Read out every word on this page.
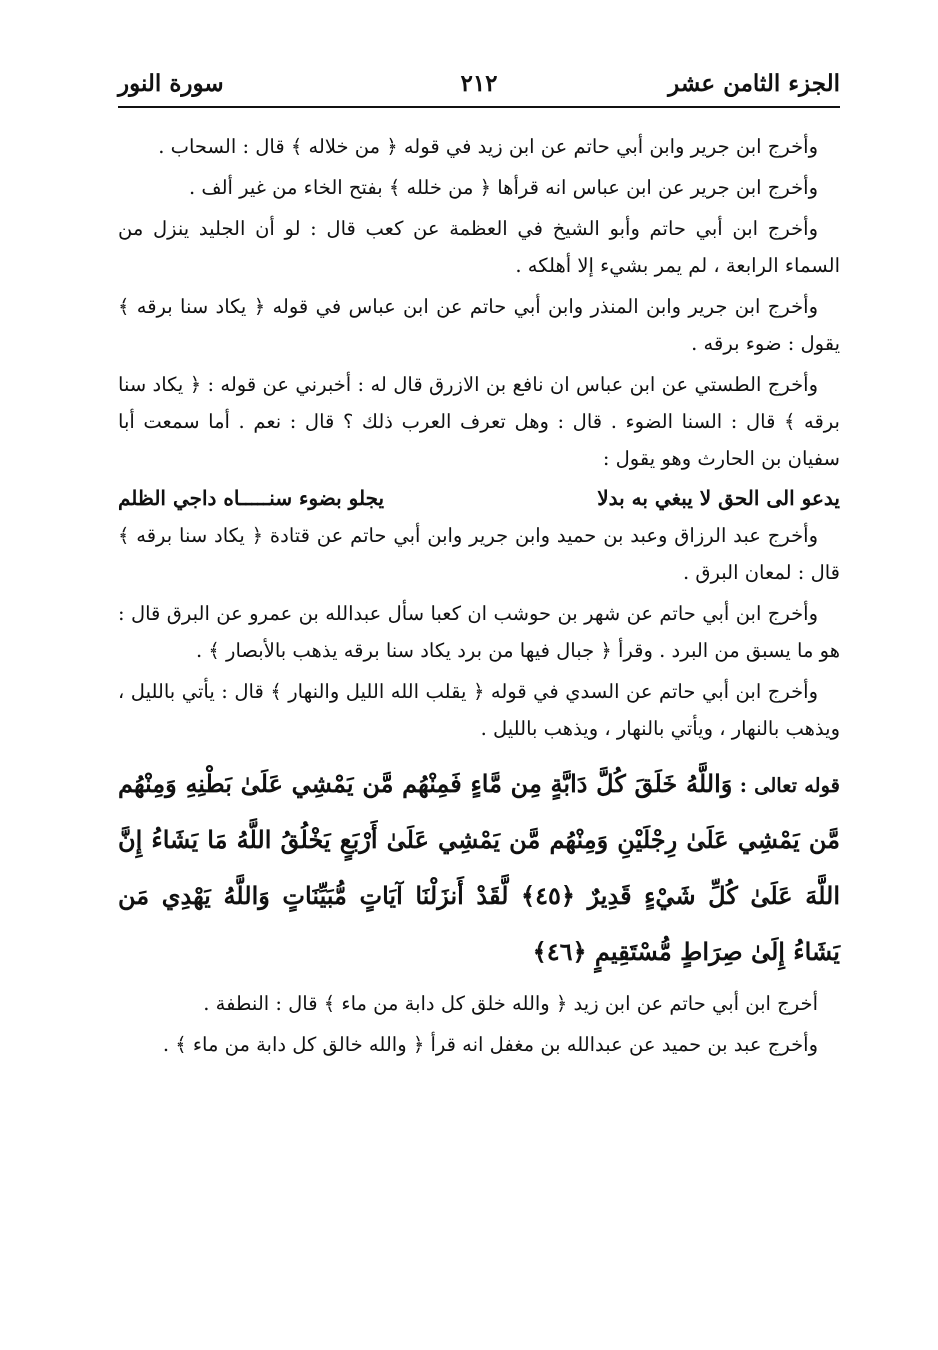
الجزء الثامن عشر
٢١٢
سورة النور

وأخرج ابن جرير وابن أبي حاتم عن ابن زيد في قوله ﴿ من خلاله ﴾ قال : السحاب .

وأخرج ابن جرير عن ابن عباس انه قرأها ﴿ من خلله ﴾ بفتح الخاء من غير ألف .

وأخرج ابن أبي حاتم وأبو الشيخ في العظمة عن كعب قال : لو أن الجليد ينزل من السماء الرابعة ، لم يمر بشيء إلا أهلكه .

وأخرج ابن جرير وابن المنذر وابن أبي حاتم عن ابن عباس في قوله ﴿ يكاد سنا برقه ﴾ يقول : ضوء برقه .

وأخرج الطستي عن ابن عباس ان نافع بن الازرق قال له : أخبرني عن قوله : ﴿ يكاد سنا برقه ﴾ قال : السنا الضوء . قال : وهل تعرف العرب ذلك ؟ قال : نعم . أما سمعت أبا سفيان بن الحارث وهو يقول :

يدعو الى الحق لا يبغي به بدلا
يجلو بضوء سنـــــاه داجي الظلم

وأخرج عبد الرزاق وعبد بن حميد وابن جرير وابن أبي حاتم عن قتادة ﴿ يكاد سنا برقه ﴾ قال : لمعان البرق .

وأخرج ابن أبي حاتم عن شهر بن حوشب ان كعبا سأل عبدالله بن عمرو عن البرق قال : هو ما يسبق من البرد . وقرأ ﴿ جبال فيها من برد يكاد سنا برقه يذهب بالأبصار ﴾ .

وأخرج ابن أبي حاتم عن السدي في قوله ﴿ يقلب الله الليل والنهار ﴾ قال : يأتي بالليل ، ويذهب بالنهار ، ويأتي بالنهار ، ويذهب بالليل .

قوله تعالى : وَاللَّهُ خَلَقَ كُلَّ دَابَّةٍ مِن مَّاءٍ فَمِنْهُم مَّن يَمْشِي عَلَىٰ بَطْنِهِ وَمِنْهُم مَّن يَمْشِي عَلَىٰ رِجْلَيْنِ وَمِنْهُم مَّن يَمْشِي عَلَىٰ أَرْبَعٍ يَخْلُقُ اللَّهُ مَا يَشَاءُ إِنَّ اللَّهَ عَلَىٰ كُلِّ شَيْءٍ قَدِيرٌ ﴿٤٥﴾ لَّقَدْ أَنزَلْنَا آيَاتٍ مُّبَيِّنَاتٍ وَاللَّهُ يَهْدِي مَن يَشَاءُ إِلَىٰ صِرَاطٍ مُّسْتَقِيمٍ ﴿٤٦﴾

أخرج ابن أبي حاتم عن ابن زيد ﴿ والله خلق كل دابة من ماء ﴾ قال : النطفة .

وأخرج عبد بن حميد عن عبدالله بن مغفل انه قرأ ﴿ والله خالق كل دابة من ماء ﴾ .
